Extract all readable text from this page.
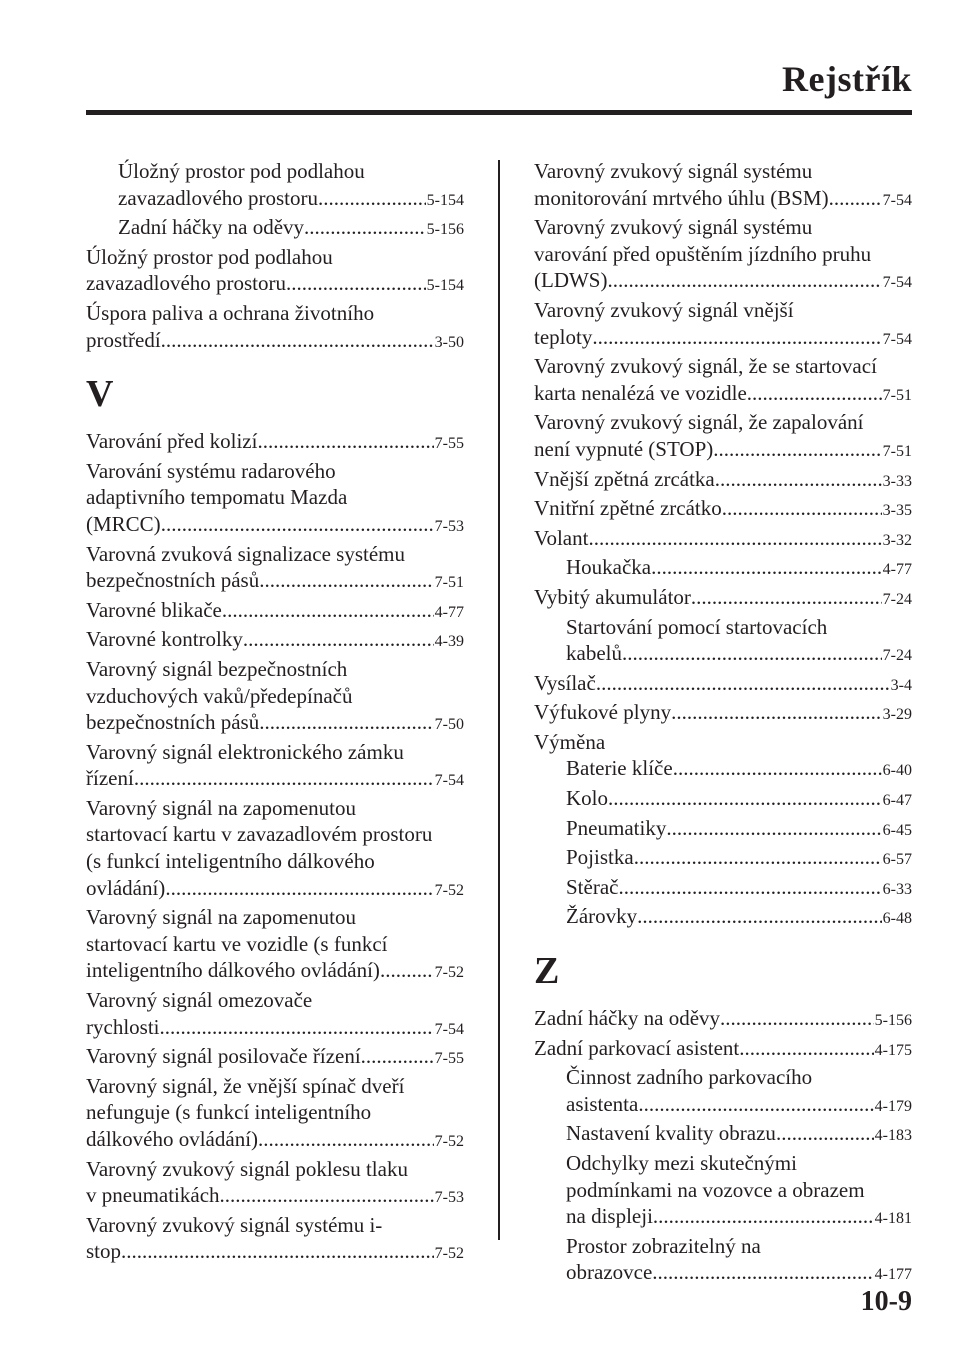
Rejstřík
Úložný prostor pod podlahou
zavazadlového prostoru .....	5-154
Zadní háčky na oděvy .....	5-156
Úložný prostor pod podlahou
zavazadlového prostoru .....	5-154
Úspora paliva a ochrana životního
prostředí .....	3-50
V
Varování před kolizí .....	7-55
Varování systému radarového
adaptivního tempomatu Mazda
(MRCC) .....	7-53
Varovná zvuková signalizace systému
bezpečnostních pásů .....	7-51
Varovné blikače .....	4-77
Varovné kontrolky .....	4-39
Varovný signál bezpečnostních
vzduchových vaků/předepínačů
bezpečnostních pásů .....	7-50
Varovný signál elektronického zámku
řízení .....	7-54
Varovný signál na zapomenutou
startovací kartu v zavazadlovém prostoru
(s funkcí inteligentního dálkového
ovládání) .....	7-52
Varovný signál na zapomenutou
startovací kartu ve vozidle (s funkcí
inteligentního dálkového ovládání) .....	7-52
Varovný signál omezovače
rychlosti .....	7-54
Varovný signál posilovače řízení .....	7-55
Varovný signál, že vnější spínač dveří
nefunguje (s funkcí inteligentního
dálkového ovládání) .....	7-52
Varovný zvukový signál poklesu tlaku
v pneumatikách .....	7-53
Varovný zvukový signál systému i-
stop .....	7-52
Varovný zvukový signál systému
monitorování mrtvého úhlu (BSM) .....	7-54
Varovný zvukový signál systému
varování před opuštěním jízdního pruhu
(LDWS) .....	7-54
Varovný zvukový signál vnější
teploty .....	7-54
Varovný zvukový signál, že se startovací
karta nenalézá ve vozidle .....	7-51
Varovný zvukový signál, že zapalování
není vypnuté (STOP) .....	7-51
Vnější zpětná zrcátka .....	3-33
Vnitřní zpětné zrcátko .....	3-35
Volant .....	3-32
Houkačka .....	4-77
Vybitý akumulátor .....	7-24
Startování pomocí startovacích
kabelů .....	7-24
Vysílač .....	3-4
Výfukové plyny .....	3-29
Výměna
Baterie klíče .....	6-40
Kolo .....	6-47
Pneumatiky .....	6-45
Pojistka .....	6-57
Stěrač .....	6-33
Žárovky .....	6-48
Z
Zadní háčky na oděvy .....	5-156
Zadní parkovací asistent .....	4-175
Činnost zadního parkovacího
asistenta .....	4-179
Nastavení kvality obrazu .....	4-183
Odchylky mezi skutečnými
podmínkami na vozovce a obrazem
na displeji .....	4-181
Prostor zobrazitelný na
obrazovce .....	4-177
10-9
